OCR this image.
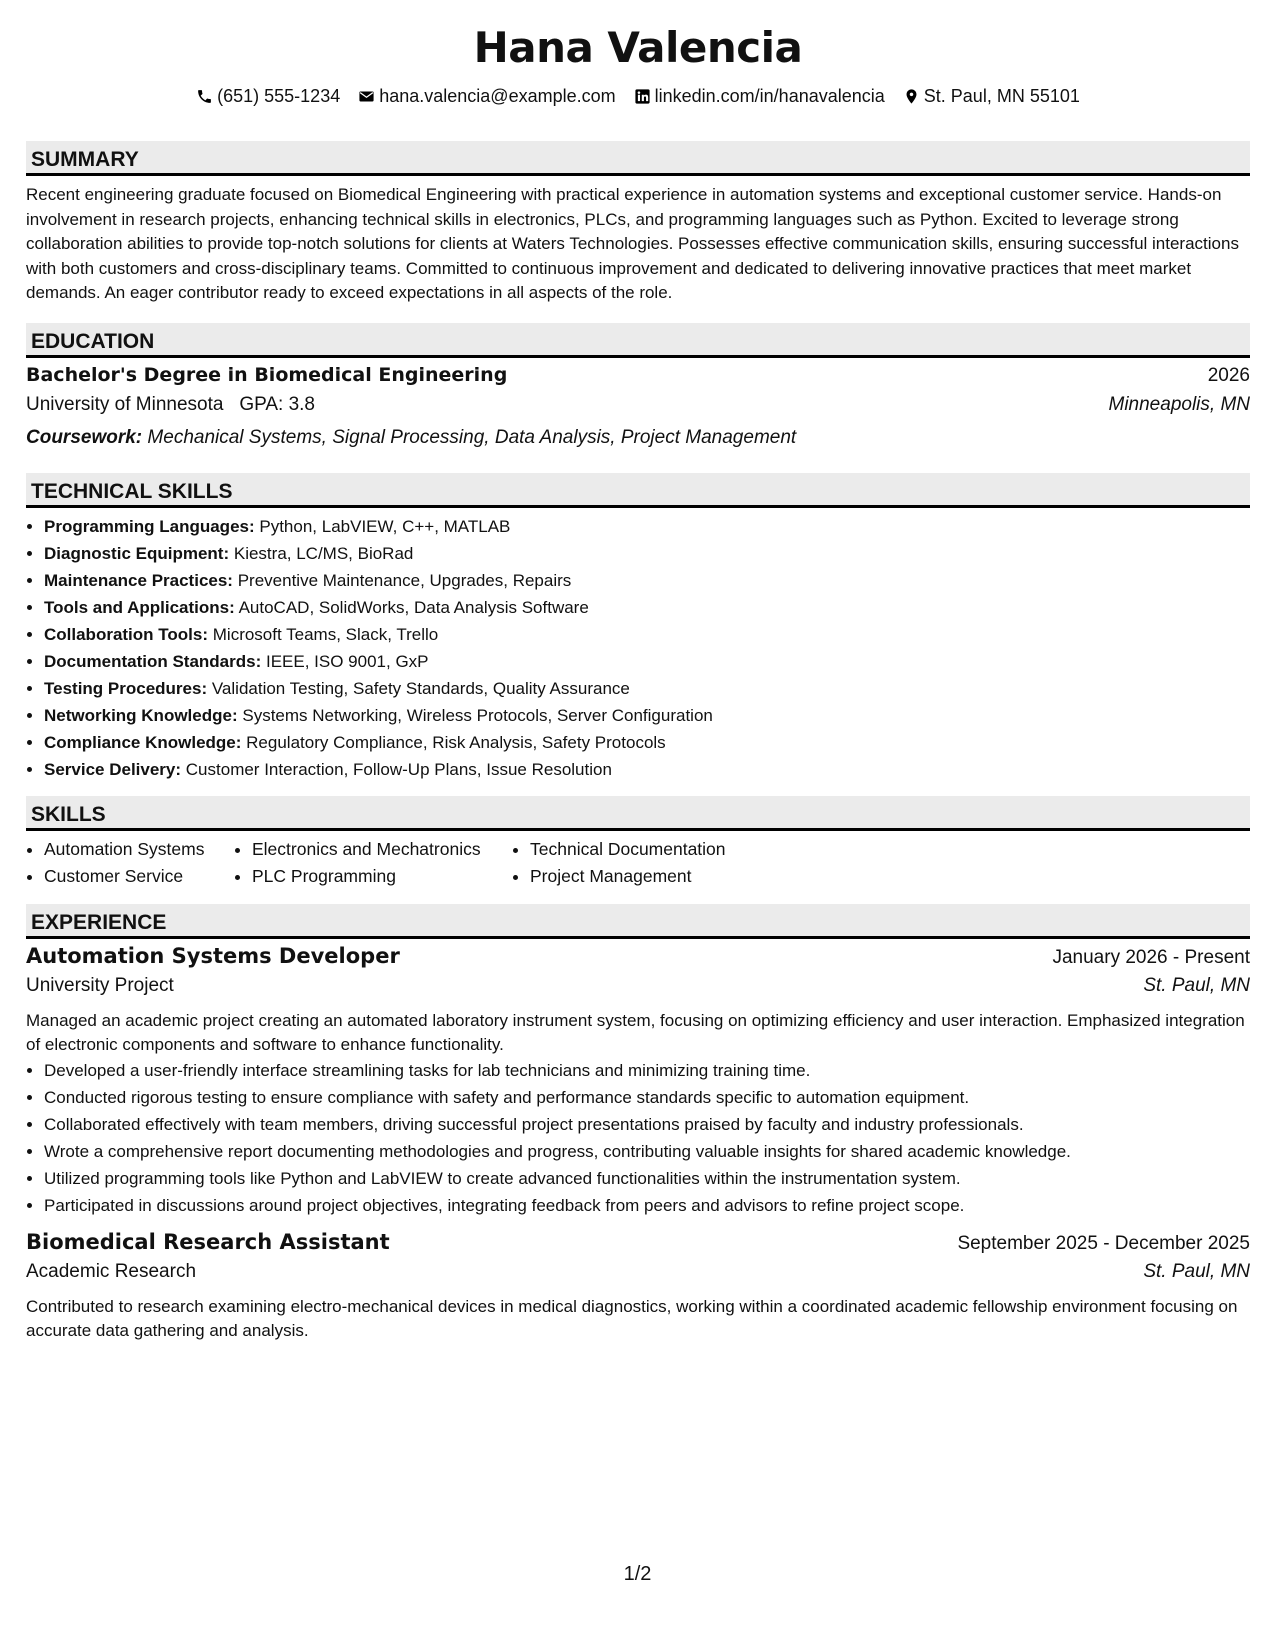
Hana Valencia
(651) 555-1234 hana.valencia@example.com linkedin.com/in/hanavalencia St. Paul, MN 55101
SUMMARY
Recent engineering graduate focused on Biomedical Engineering with practical experience in automation systems and exceptional customer service. Hands-on involvement in research projects, enhancing technical skills in electronics, PLCs, and programming languages such as Python. Excited to leverage strong collaboration abilities to provide top-notch solutions for clients at Waters Technologies. Possesses effective communication skills, ensuring successful interactions with both customers and cross-disciplinary teams. Committed to continuous improvement and dedicated to delivering innovative practices that meet market demands. An eager contributor ready to exceed expectations in all aspects of the role.
EDUCATION
Bachelor's Degree in Biomedical Engineering	2026
University of Minnesota GPA: 3.8	Minneapolis, MN
Coursework: Mechanical Systems, Signal Processing, Data Analysis, Project Management
TECHNICAL SKILLS
• Programming Languages: Python, LabVIEW, C++, MATLAB
• Diagnostic Equipment: Kiestra, LC/MS, BioRad
• Maintenance Practices: Preventive Maintenance, Upgrades, Repairs
• Tools and Applications: AutoCAD, SolidWorks, Data Analysis Software
• Collaboration Tools: Microsoft Teams, Slack, Trello
• Documentation Standards: IEEE, ISO 9001, GxP
• Testing Procedures: Validation Testing, Safety Standards, Quality Assurance
• Networking Knowledge: Systems Networking, Wireless Protocols, Server Configuration
• Compliance Knowledge: Regulatory Compliance, Risk Analysis, Safety Protocols
• Service Delivery: Customer Interaction, Follow-Up Plans, Issue Resolution
SKILLS
• Automation Systems
• Customer Service
• Electronics and Mechatronics
• PLC Programming
• Technical Documentation
• Project Management
EXPERIENCE
Automation Systems Developer	January 2026 - Present
University Project	St. Paul, MN
Managed an academic project creating an automated laboratory instrument system, focusing on optimizing efficiency and user interaction. Emphasized integration of electronic components and software to enhance functionality.
• Developed a user-friendly interface streamlining tasks for lab technicians and minimizing training time.
• Conducted rigorous testing to ensure compliance with safety and performance standards specific to automation equipment.
• Collaborated effectively with team members, driving successful project presentations praised by faculty and industry professionals.
• Wrote a comprehensive report documenting methodologies and progress, contributing valuable insights for shared academic knowledge.
• Utilized programming tools like Python and LabVIEW to create advanced functionalities within the instrumentation system.
• Participated in discussions around project objectives, integrating feedback from peers and advisors to refine project scope.
Biomedical Research Assistant	September 2025 - December 2025
Academic Research	St. Paul, MN
Contributed to research examining electro-mechanical devices in medical diagnostics, working within a coordinated academic fellowship environment focusing on accurate data gathering and analysis.
1/2
